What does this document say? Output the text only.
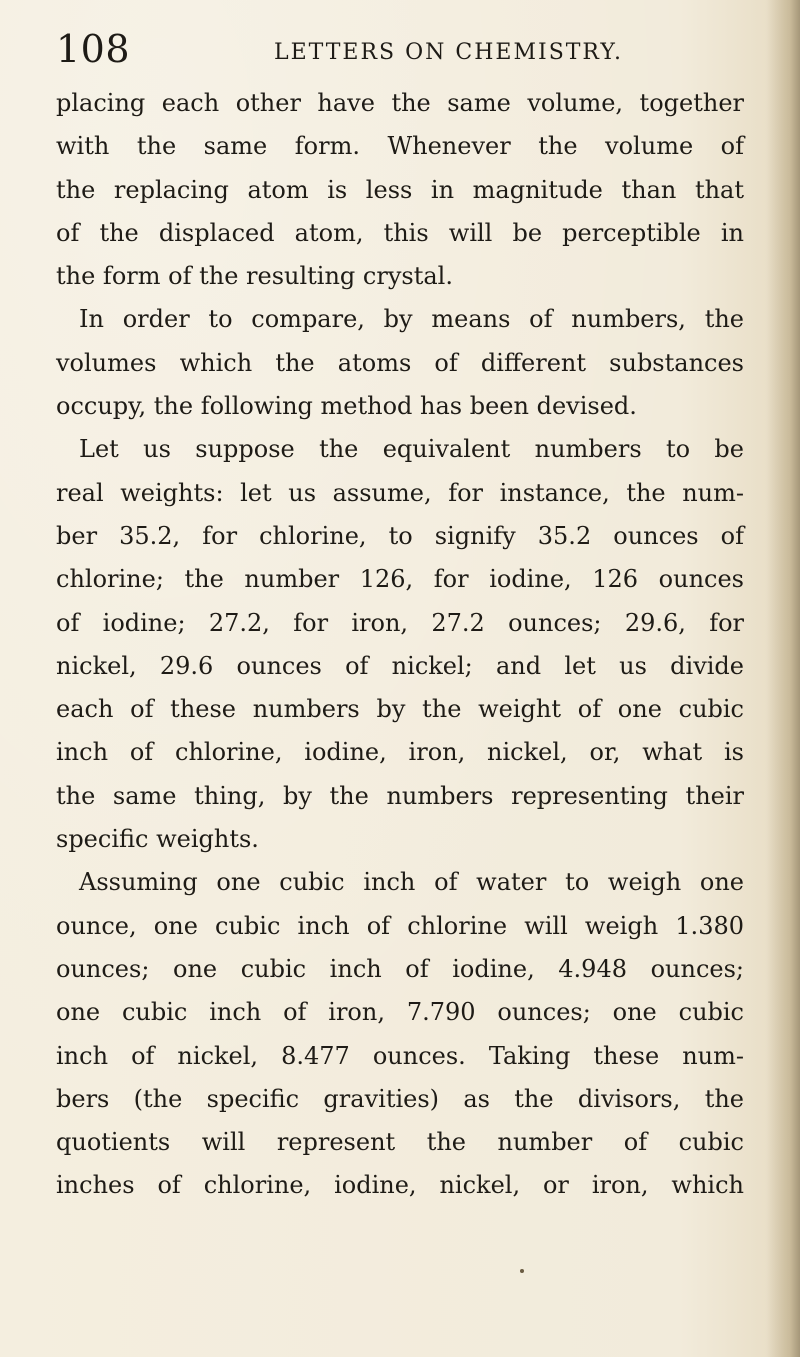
108	LETTERS ON CHEMISTRY.
placing each other have the same volume, together
with the same form. Whenever the volume of
the replacing atom is less in magnitude than that
of the displaced atom, this will be perceptible in
the form of the resulting crystal.
In order to compare, by means of numbers, the
volumes which the atoms of different substances
occupy, the following method has been devised.
Let us suppose the equivalent numbers to be
real weights: let us assume, for instance, the num-
ber 35.2, for chlorine, to signify 35.2 ounces of
chlorine; the number 126, for iodine, 126 ounces
of iodine; 27.2, for iron, 27.2 ounces; 29.6, for
nickel, 29.6 ounces of nickel; and let us divide
each of these numbers by the weight of one cubic
inch of chlorine, iodine, iron, nickel, or, what is
the same thing, by the numbers representing their
specific weights.
Assuming one cubic inch of water to weigh one
ounce, one cubic inch of chlorine will weigh 1.380
ounces; one cubic inch of iodine, 4.948 ounces;
one cubic inch of iron, 7.790 ounces; one cubic
inch of nickel, 8.477 ounces. Taking these num-
bers (the specific gravities) as the divisors, the
quotients will represent the number of cubic
inches of chlorine, iodine, nickel, or iron, which
